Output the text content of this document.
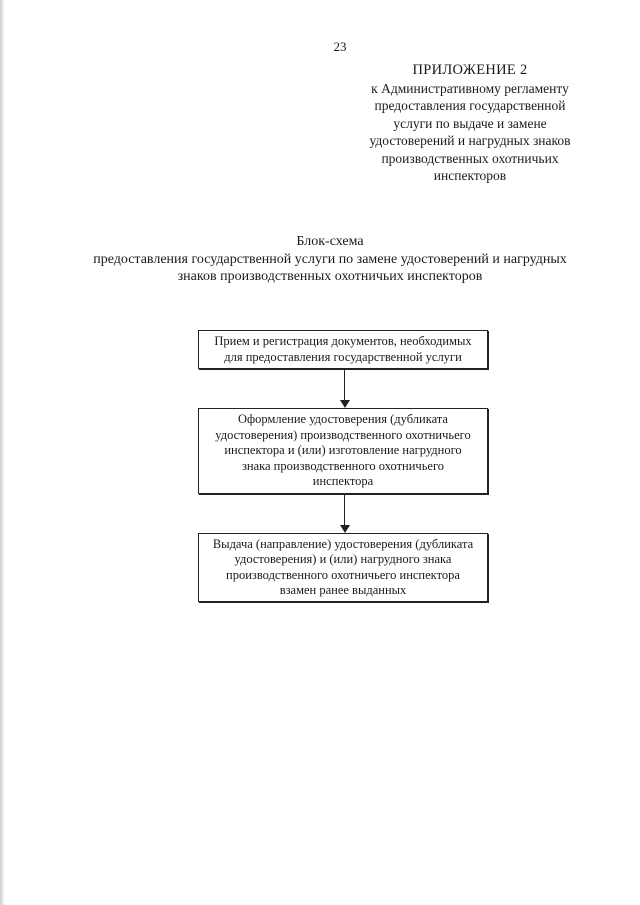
23
ПРИЛОЖЕНИЕ 2
к Административному регламенту
предоставления государственной
услуги по выдаче и замене
удостоверений и нагрудных знаков
производственных охотничьих
инспекторов
Блок-схема
предоставления государственной услуги по замене удостоверений и нагрудных
знаков производственных охотничьих инспекторов
Прием и регистрация документов, необходимых
для предоставления государственной услуги
Оформление удостоверения (дубликата
удостоверения) производственного охотничьего
инспектора и (или) изготовление нагрудного
знака производственного охотничьего
инспектора
Выдача (направление) удостоверения (дубликата
удостоверения) и (или) нагрудного знака
производственного охотничьего инспектора
взамен ранее выданных
